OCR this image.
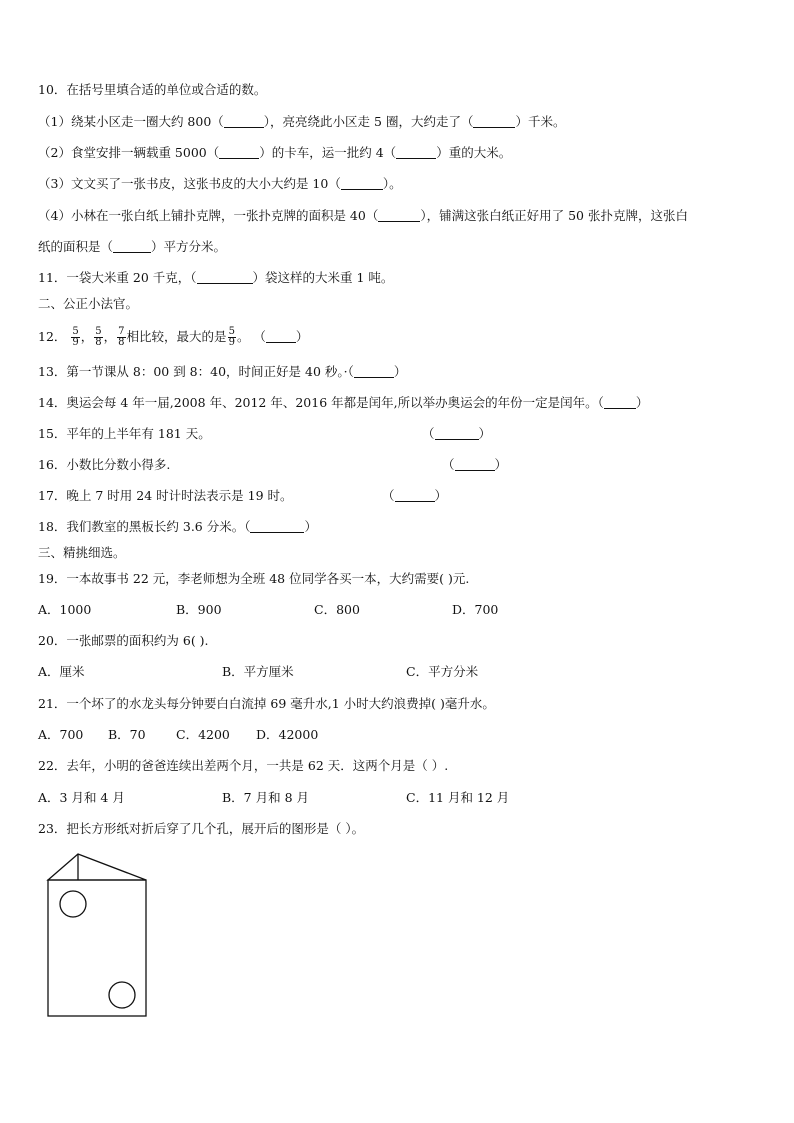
10．在括号里填合适的单位或合适的数。
（1）绕某小区走一圈大约 800（	），亮亮绕此小区走 5 圈，大约走了（	）千米。
（2）食堂安排一辆载重 5000（	）的卡车，运一批约 4（	）重的大米。
（3）文文买了一张书皮，这张书皮的大小大约是 10（	）。
（4）小林在一张白纸上铺扑克牌，一张扑克牌的面积是 40（	），铺满这张白纸正好用了 50 张扑克牌，这张白
纸的面积是（	）平方分米。
11．一袋大米重 20 千克，（	）袋这样的大米重 1 吨。
二、公正小法官。
12． $\frac{5}{9}$ ， $\frac{5}{8}$ ， $\frac{7}{8}$ 相比较，最大的是 $\frac{5}{9}$ 。 （ ）
13．第一节课从 8：00 到 8：40，时间正好是 40 秒。·（	）
14．奥运会每 4 年一届,2008 年、2012 年、2016 年都是闰年,所以举办奥运会的年份一定是闰年。（	）
15．平年的上半年有 181 天。	（	）
16．小数比分数小得多.	（	）
17．晚上 7 时用 24 时计时法表示是 19 时。	（	）
18．我们教室的黑板长约 3.6 分米。（	）
三、精挑细选。
19．一本故事书 22 元，李老师想为全班 48 位同学各买一本，大约需要( )元.
A．1000	B．900	C．800	D．700
20．一张邮票的面积约为 6( ).
A．厘米	B．平方厘米	C．平方分米
21．一个坏了的水龙头每分钟要白白流掉 69 毫升水,1 小时大约浪费掉( )毫升水。
A．700 B．70 C．4200 D．42000
22．去年，小明的爸爸连续出差两个月，一共是 62 天．这两个月是（ ）.
A．3 月和 4 月	B．7 月和 8 月	C．11 月和 12 月
23．把长方形纸对折后穿了几个孔，展开后的图形是（ ）。
